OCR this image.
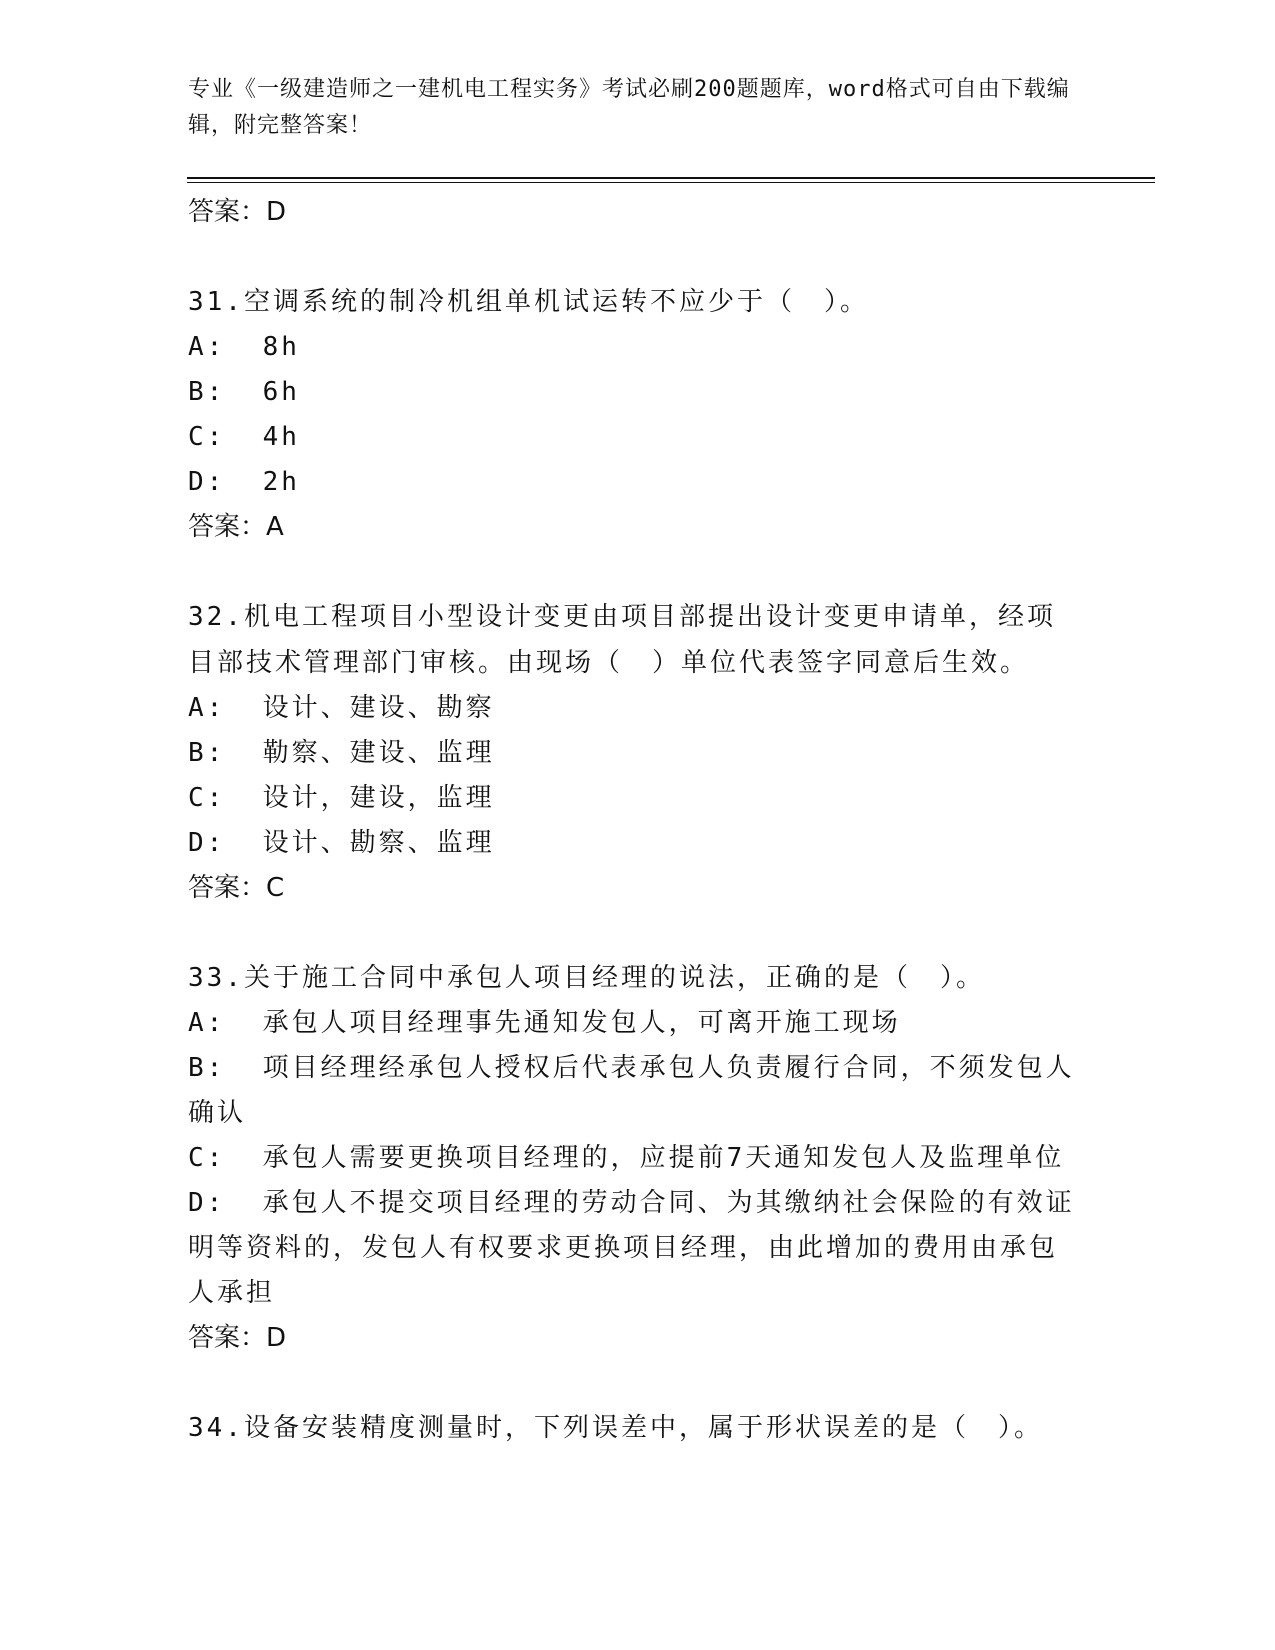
专业《一级建造师之一建机电工程实务》考试必刷200题题库，word格式可自由下载编辑，附完整答案！
答案：D
31.空调系统的制冷机组单机试运转不应少于（　）。
A:  8h
B:  6h
C:  4h
D:  2h
答案：A
32.机电工程项目小型设计变更由项目部提出设计变更申请单，经项目部技术管理部门审核。由现场（　）单位代表签字同意后生效。
A:  设计、建设、勘察
B:  勒察、建设、监理
C:  设计，建设，监理
D:  设计、勘察、监理
答案：C
33.关于施工合同中承包人项目经理的说法，正确的是（　）。
A:  承包人项目经理事先通知发包人，可离开施工现场
B:  项目经理经承包人授权后代表承包人负责履行合同，不须发包人确认
C:  承包人需要更换项目经理的，应提前7天通知发包人及监理单位
D:  承包人不提交项目经理的劳动合同、为其缴纳社会保险的有效证明等资料的，发包人有权要求更换项目经理，由此增加的费用由承包人承担
答案：D
34.设备安装精度测量时，下列误差中，属于形状误差的是（　）。
